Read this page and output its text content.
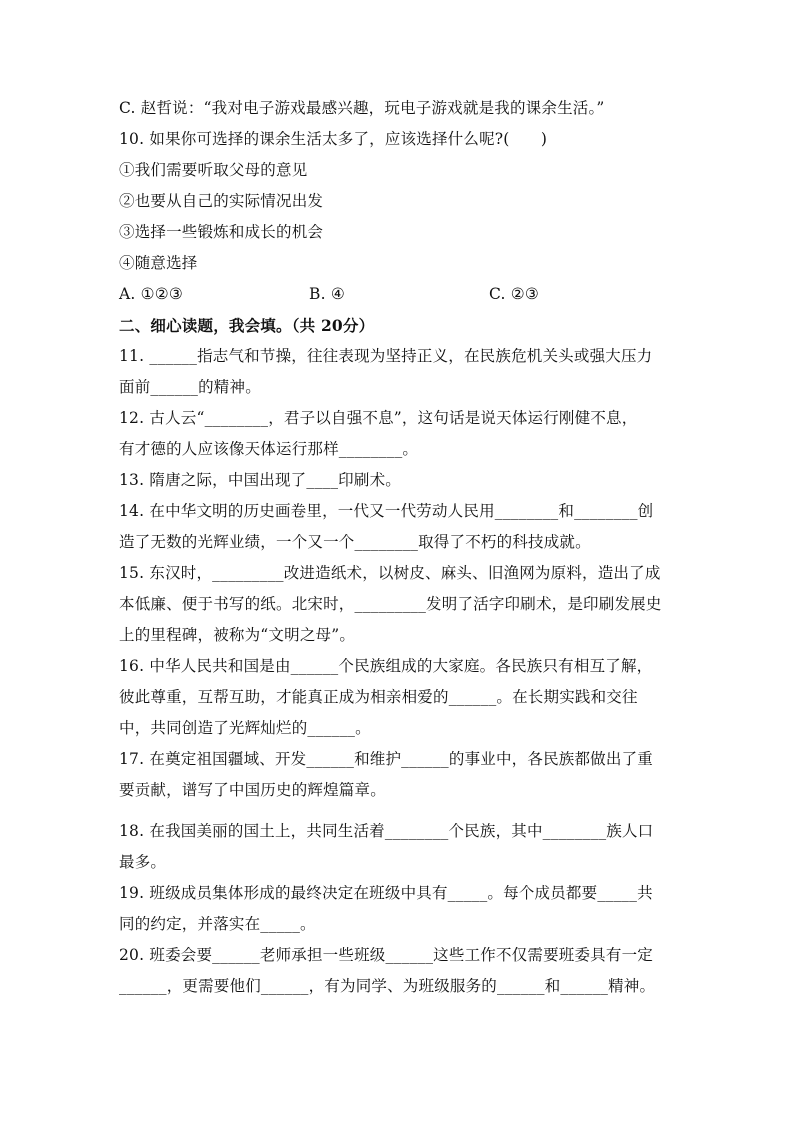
C. 赵哲说：“我对电子游戏最感兴趣，玩电子游戏就是我的课余生活。”
10. 如果你可选择的课余生活太多了，应该选择什么呢?(　　)
①我们需要听取父母的意见
②也要从自己的实际情况出发
③选择一些锻炼和成长的机会
④随意选择
A. ①②③	B. ④	C. ②③
二、细心读题，我会填。（共 20分）
11. ______指志气和节操，往往表现为坚持正义，在民族危机关头或强大压力
面前______的精神。
12. 古人云“________，君子以自强不息”，这句话是说天体运行刚健不息，
有才德的人应该像天体运行那样________。
13. 隋唐之际，中国出现了____印刷术。
14. 在中华文明的历史画卷里，一代又一代劳动人民用________和________创
造了无数的光辉业绩，一个又一个________取得了不朽的科技成就。
15. 东汉时，_________改进造纸术，以树皮、麻头、旧渔网为原料，造出了成
本低廉、便于书写的纸。北宋时，_________发明了活字印刷术，是印刷发展史
上的里程碑，被称为“文明之母”。
16. 中华人民共和国是由______个民族组成的大家庭。各民族只有相互了解，
彼此尊重，互帮互助，才能真正成为相亲相爱的______。在长期实践和交往
中，共同创造了光辉灿烂的______。
17. 在奠定祖国疆域、开发______和维护______的事业中，各民族都做出了重
要贡献，谱写了中国历史的辉煌篇章。
18. 在我国美丽的国土上，共同生活着________个民族，其中________族人口
最多。
19. 班级成员集体形成的最终决定在班级中具有_____。每个成员都要_____共
同的约定，并落实在_____。
20. 班委会要______老师承担一些班级______这些工作不仅需要班委具有一定
______，更需要他们______，有为同学、为班级服务的______和______精神。
